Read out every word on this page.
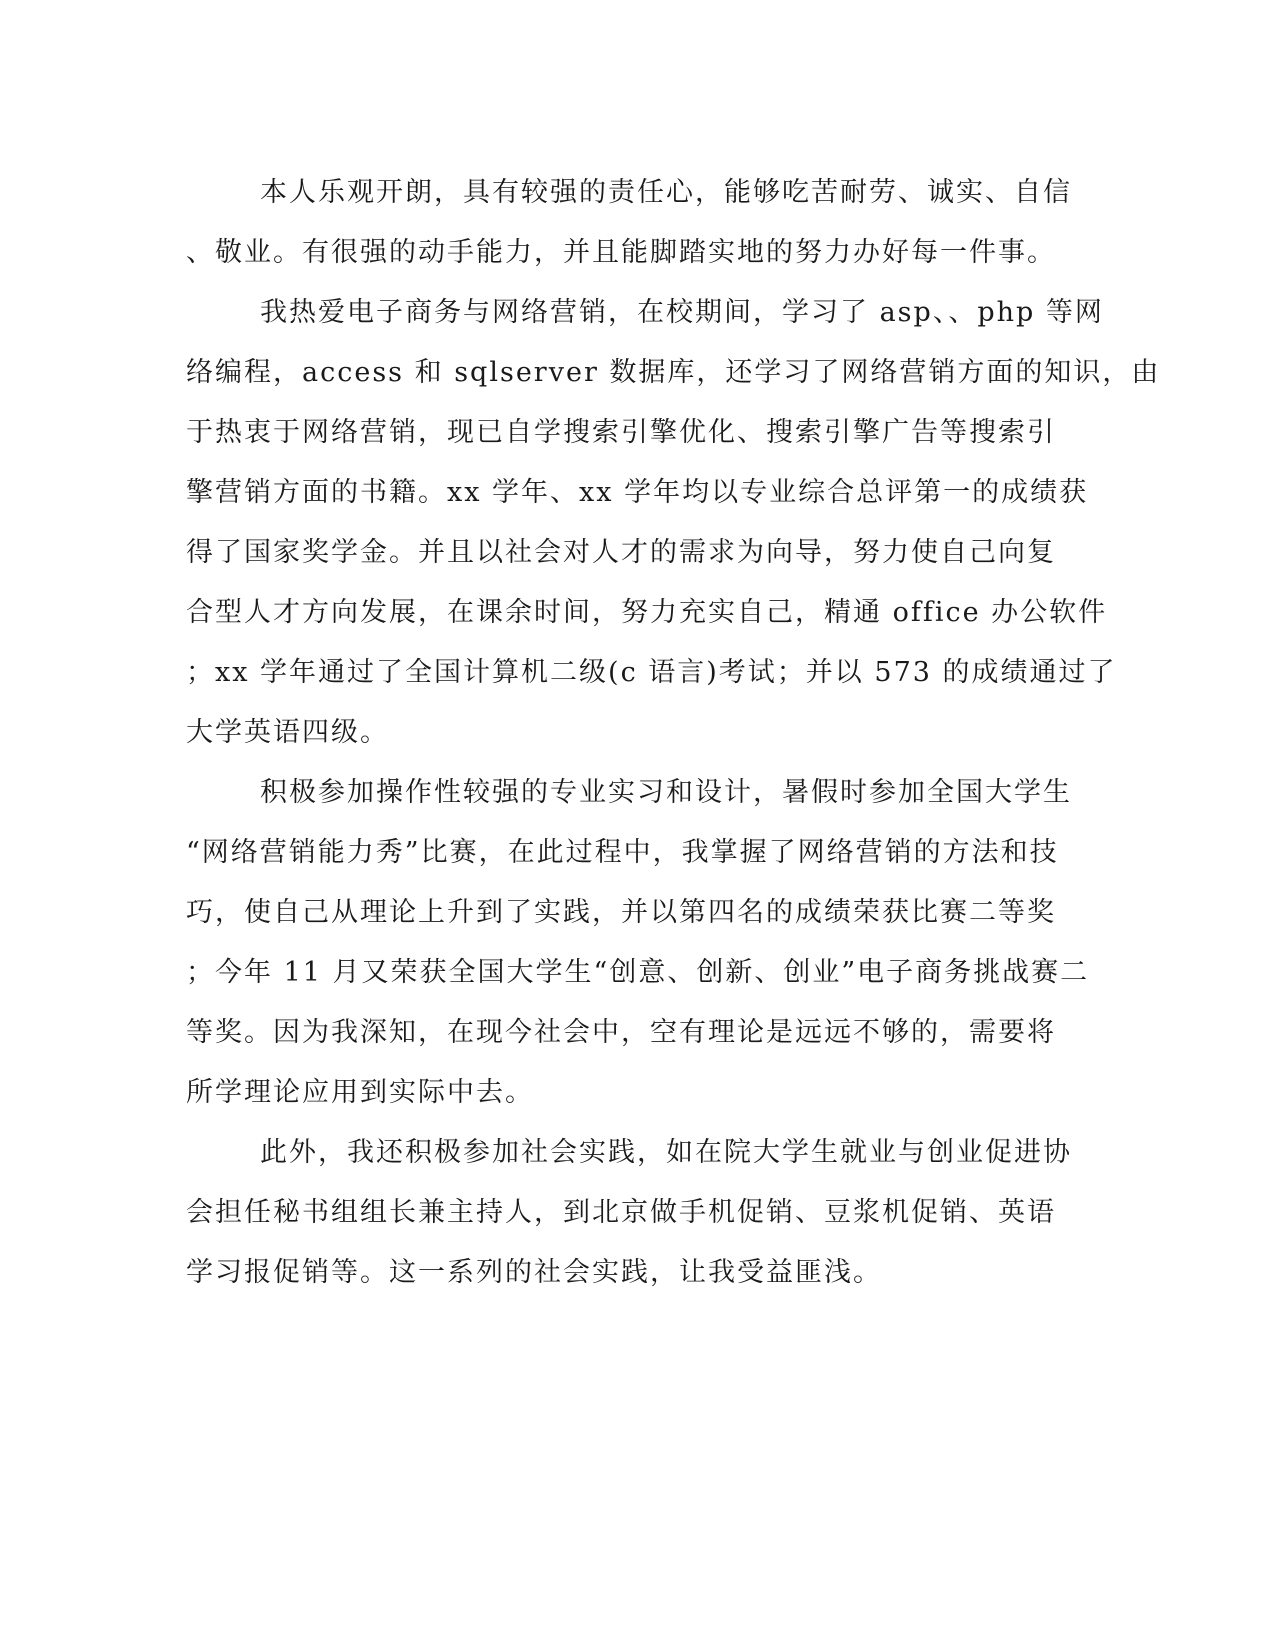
本人乐观开朗，具有较强的责任心，能够吃苦耐劳、诚实、自信
、敬业。有很强的动手能力，并且能脚踏实地的努力办好每一件事。
我热爱电子商务与网络营销，在校期间，学习了 asp、、php 等网
络编程，access 和 sqlserver 数据库，还学习了网络营销方面的知识，由
于热衷于网络营销，现已自学搜索引擎优化、搜索引擎广告等搜索引
擎营销方面的书籍。xx 学年、xx 学年均以专业综合总评第一的成绩获
得了国家奖学金。并且以社会对人才的需求为向导，努力使自己向复
合型人才方向发展，在课余时间，努力充实自己，精通 office 办公软件
；xx 学年通过了全国计算机二级(c 语言)考试；并以 573 的成绩通过了
大学英语四级。
积极参加操作性较强的专业实习和设计，暑假时参加全国大学生
“网络营销能力秀”比赛，在此过程中，我掌握了网络营销的方法和技
巧，使自己从理论上升到了实践，并以第四名的成绩荣获比赛二等奖
；今年 11 月又荣获全国大学生“创意、创新、创业”电子商务挑战赛二
等奖。因为我深知，在现今社会中，空有理论是远远不够的，需要将
所学理论应用到实际中去。
此外，我还积极参加社会实践，如在院大学生就业与创业促进协
会担任秘书组组长兼主持人，到北京做手机促销、豆浆机促销、英语
学习报促销等。这一系列的社会实践，让我受益匪浅。
